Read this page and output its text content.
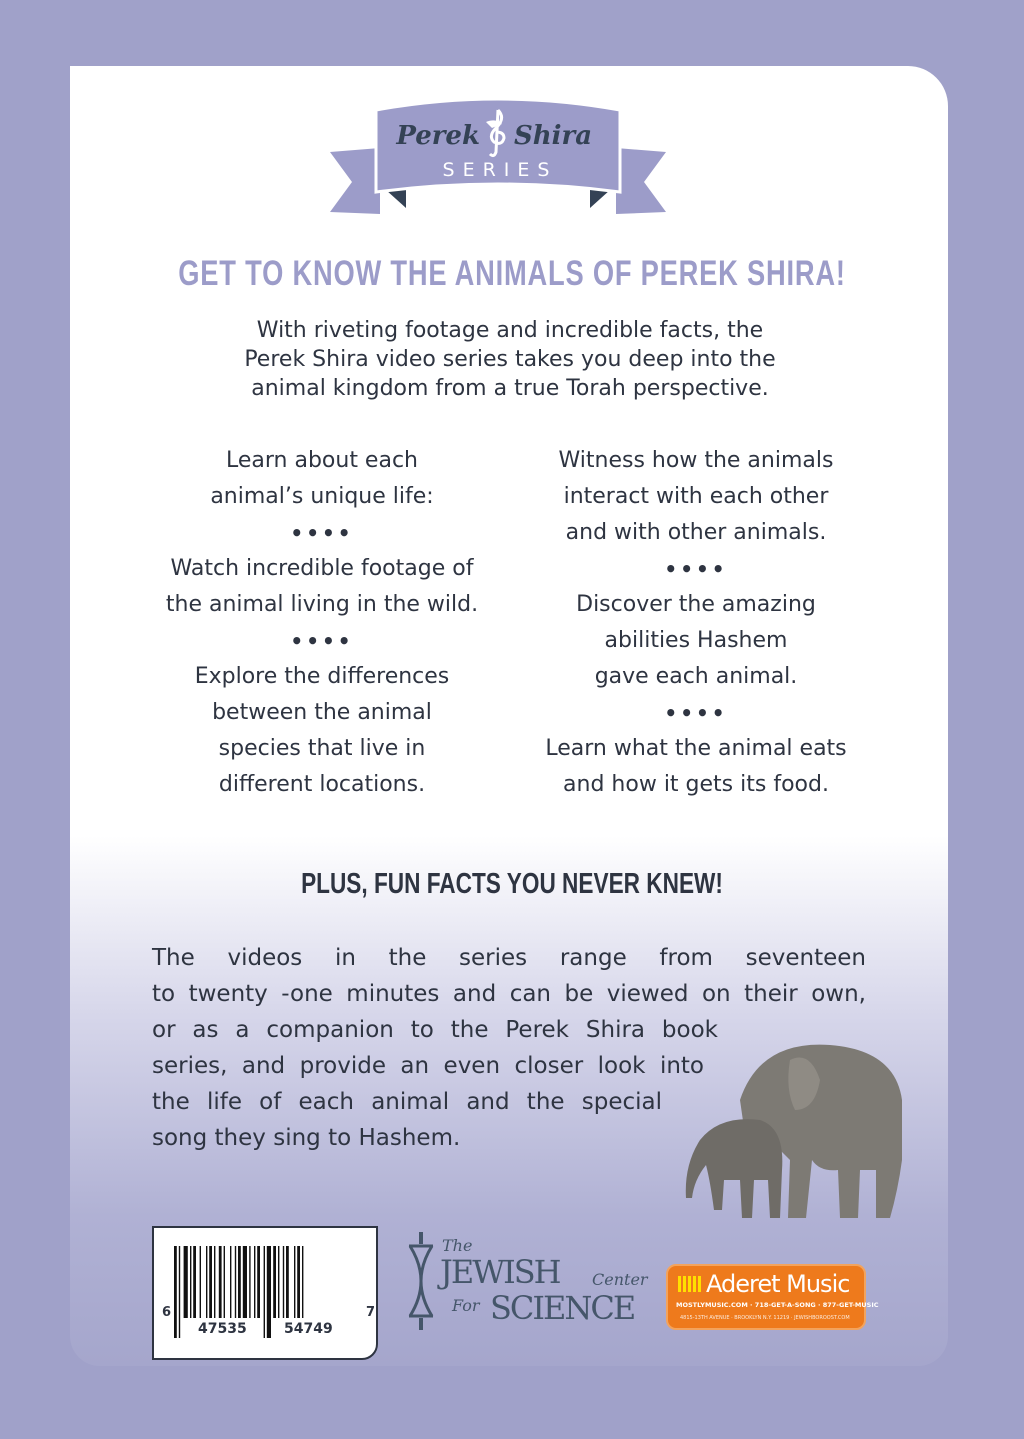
Perek Shira
SERIES
GET TO KNOW THE ANIMALS OF PEREK SHIRA!
With riveting footage and incredible facts, the
Perek Shira video series takes you deep into the
animal kingdom from a true Torah perspective.

Learn about each

animal’s unique life:

••••

Watch incredible footage of

the animal living in the wild.

••••

Explore the differences

between the animal

species that live in

different locations.

Witness how the animals

interact with each other

and with other animals.

••••

Discover the amazing

abilities Hashem

gave each animal.

••••

Learn what the animal eats

and how it gets its food.

PLUS, FUN FACTS YOU NEVER KNEW!
The videos in the series range from seventeen
to twenty -one minutes and can be viewed on their own,
or as a companion to the Perek Shira book
series, and provide an even closer look into
the life of each animal and the special
song they sing to Hashem.
6
47535	54749
7
The
JEWISH Center
For SCIENCE
Aderet Music
MOSTLYMUSIC.COM · 718-GET-A-SONG · 877-GET-MUSIC
4815-13TH AVENUE · BROOKLYN N.Y. 11219 · JEWISHBOROOST.COM
